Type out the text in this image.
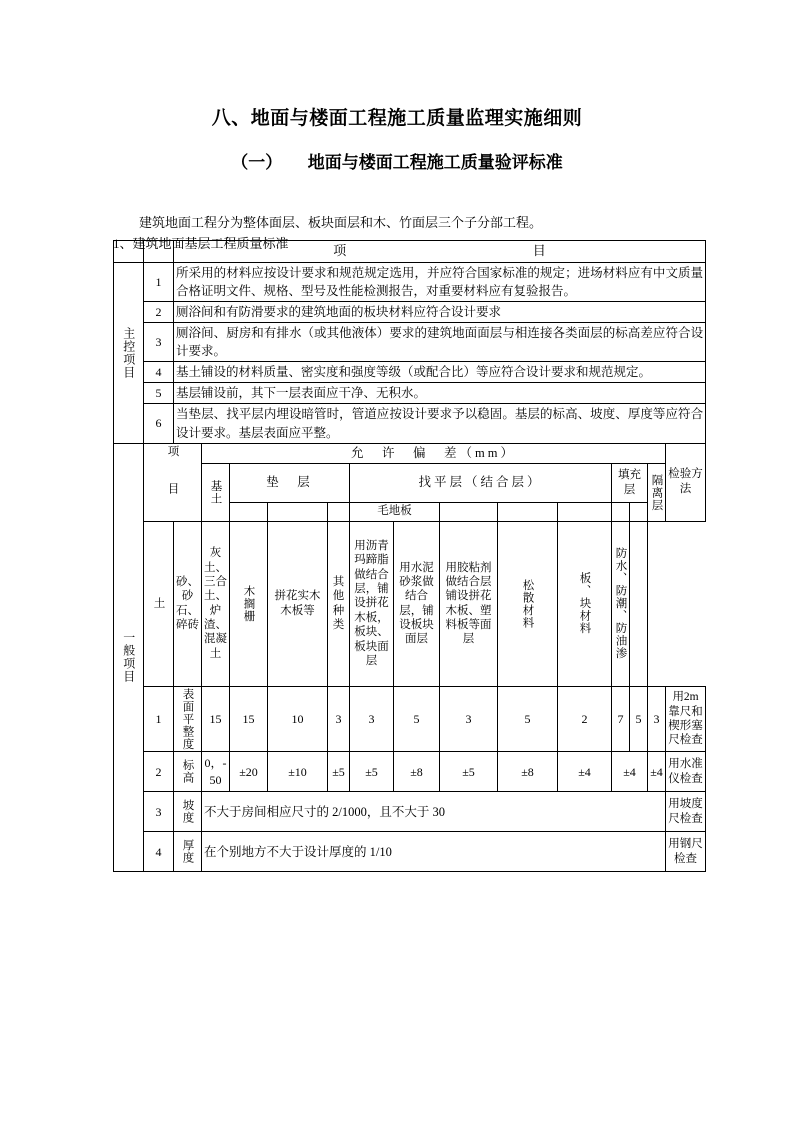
八、地面与楼面工程施工质量监理实施细则
（一）　　地面与楼面工程施工质量验评标准

建筑地面工程分为整体面层、板块面层和木、竹面层三个子分部工程。

1、建筑地面基层工程质量标准

			项 目													

主控项目	1	所采用的材料应按设计要求和规范规定选用，并应符合国家标准的规定；进场材料应有中文质量合格证明文件、规格、型号及性能检测报告，对重要材料应有复验报告。													
	2	厕浴间和有防滑要求的建筑地面的板块材料应符合设计要求													
	3	厕浴间、厨房和有排水（或其他液体）要求的建筑地面面层与相连接各类面层的标高差应符合设计要求。													
	4	基土铺设的材料质量、密实度和强度等级（或配合比）等应符合设计要求和规范规定。													
	5	基层铺设前，其下一层表面应干净、无积水。													
	6	当垫层、找平层内埋设暗管时，管道应按设计要求予以稳固。基层的标高、坡度、厚度等应符合设计要求。基层表面应平整。													

一般项目	项目		允　许　偏　差（mm）												检验方法

			基土	垫　层			找平层（结合层）					填充层		隔离层	

							毛地板								

	土	砂、砂石、碎砖	灰土、三合土、炉渣、混凝土	木搁栅	拼花实木木板等	其他种类	用沥青玛蹄脂做结合层，铺设拼花木板，板块、板块面层	用水泥砂浆做结合层，铺设板块面层	用胶粘剂做结合层铺设拼花木板、塑料板等面层	松散材料	板、块材料	防水、防潮、防油渗			

	1	表面平整度	15	15	10	3	3	5	3	5	2	7	5	3	用2m靠尺和楔形塞尺检查
	2	标高	0，-50	±20	±10	±5	±5	±8	±5	±8	±4	±4		±4	用水准仪检查
	3	坡度	不大于房间相应尺寸的 2/1000，且不大于 30												用坡度尺检查
	4	厚度	在个别地方不大于设计厚度的 1/10												用钢尺检查
